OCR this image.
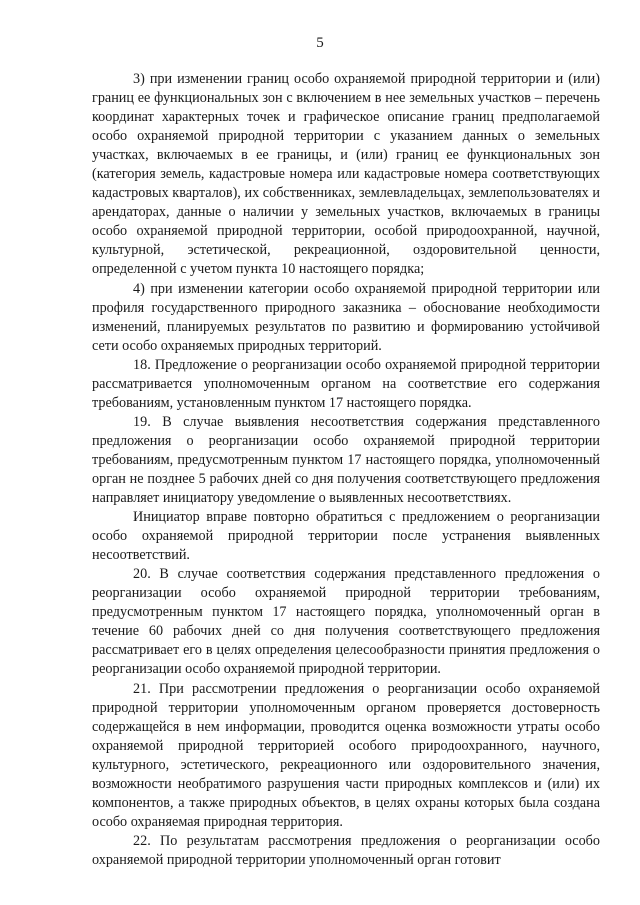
5

3) при изменении границ особо охраняемой природной территории и (или) границ ее функциональных зон с включением в нее земельных участков – перечень координат характерных точек и графическое описание границ предполагаемой особо охраняемой природной территории с указанием данных о земельных участках, включаемых в ее границы, и (или) границ ее функциональных зон (категория земель, кадастровые номера или кадастровые номера соответствующих кадастровых кварталов), их собственниках, землевладельцах, землепользователях и арендаторах, данные о наличии у земельных участков, включаемых в границы особо охраняемой природной территории, особой природоохранной, научной, культурной, эстетической, рекреационной, оздоровительной ценности, определенной с учетом пункта 10 настоящего порядка;

4) при изменении категории особо охраняемой природной территории или профиля государственного природного заказника – обоснование необходимости изменений, планируемых результатов по развитию и формированию устойчивой сети особо охраняемых природных территорий.

18. Предложение о реорганизации особо охраняемой природной территории рассматривается уполномоченным органом на соответствие его содержания требованиям, установленным пунктом 17 настоящего порядка.

19. В случае выявления несоответствия содержания представленного предложения о реорганизации особо охраняемой природной территории требованиям, предусмотренным пунктом 17 настоящего порядка, уполномоченный орган не позднее 5 рабочих дней со дня получения соответствующего предложения направляет инициатору уведомление о выявленных несоответствиях.

Инициатор вправе повторно обратиться с предложением о реорганизации особо охраняемой природной территории после устранения выявленных несоответствий.

20. В случае соответствия содержания представленного предложения о реорганизации особо охраняемой природной территории требованиям, предусмотренным пунктом 17 настоящего порядка, уполномоченный орган в течение 60 рабочих дней со дня получения соответствующего предложения рассматривает его в целях определения целесообразности принятия предложения о реорганизации особо охраняемой природной территории.

21. При рассмотрении предложения о реорганизации особо охраняемой природной территории уполномоченным органом проверяется достоверность содержащейся в нем информации, проводится оценка возможности утраты особо охраняемой природной территорией особого природоохранного, научного, культурного, эстетического, рекреационного или оздоровительного значения, возможности необратимого разрушения части природных комплексов и (или) их компонентов, а также природных объектов, в целях охраны которых была создана особо охраняемая природная территория.

22. По результатам рассмотрения предложения о реорганизации особо охраняемой природной территории уполномоченный орган готовит
